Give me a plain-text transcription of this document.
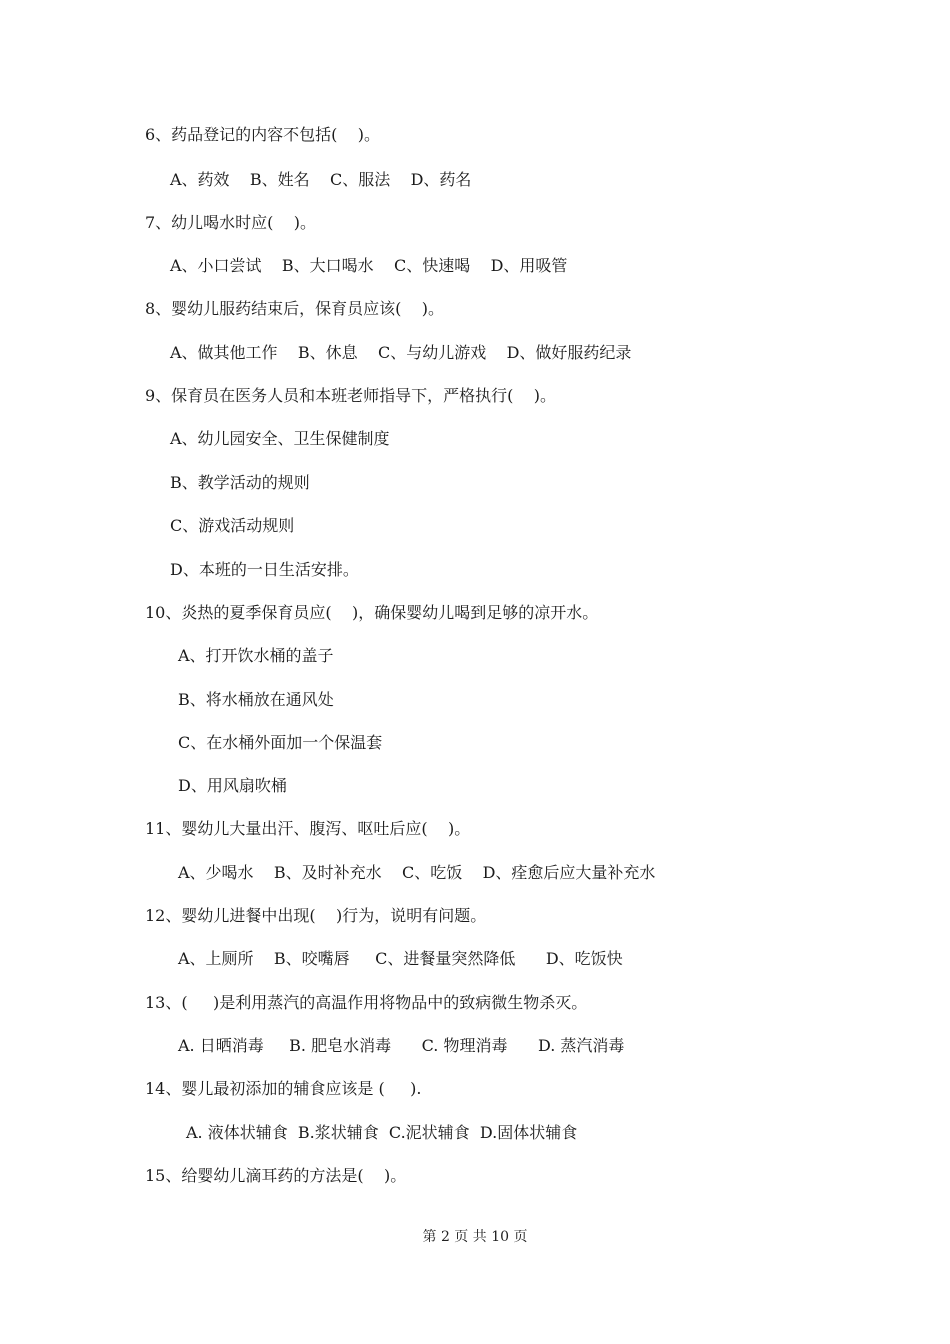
6、药品登记的内容不包括(    )。
A、药效    B、姓名    C、服法    D、药名
7、幼儿喝水时应(    )。
A、小口尝试    B、大口喝水    C、快速喝    D、用吸管
8、婴幼儿服药结束后，保育员应该(    )。
A、做其他工作    B、休息    C、与幼儿游戏    D、做好服药纪录
9、保育员在医务人员和本班老师指导下，严格执行(    )。
A、幼儿园安全、卫生保健制度
B、教学活动的规则
C、游戏活动规则
D、本班的一日生活安排。
10、炎热的夏季保育员应(    )，确保婴幼儿喝到足够的凉开水。
A、打开饮水桶的盖子
B、将水桶放在通风处
C、在水桶外面加一个保温套
D、用风扇吹桶
11、婴幼儿大量出汗、腹泻、呕吐后应(    )。
A、少喝水    B、及时补充水    C、吃饭    D、痊愈后应大量补充水
12、婴幼儿进餐中出现(    )行为，说明有问题。
A、上厕所    B、咬嘴唇     C、进餐量突然降低      D、吃饭快
13、(     )是利用蒸汽的高温作用将物品中的致病微生物杀灭。
A. 日晒消毒     B. 肥皂水消毒      C. 物理消毒      D. 蒸汽消毒
14、婴儿最初添加的辅食应该是 (     ).
A. 液体状辅食  B.浆状辅食  C.泥状辅食  D.固体状辅食
15、给婴幼儿滴耳药的方法是(    )。
第 2 页 共 10 页
